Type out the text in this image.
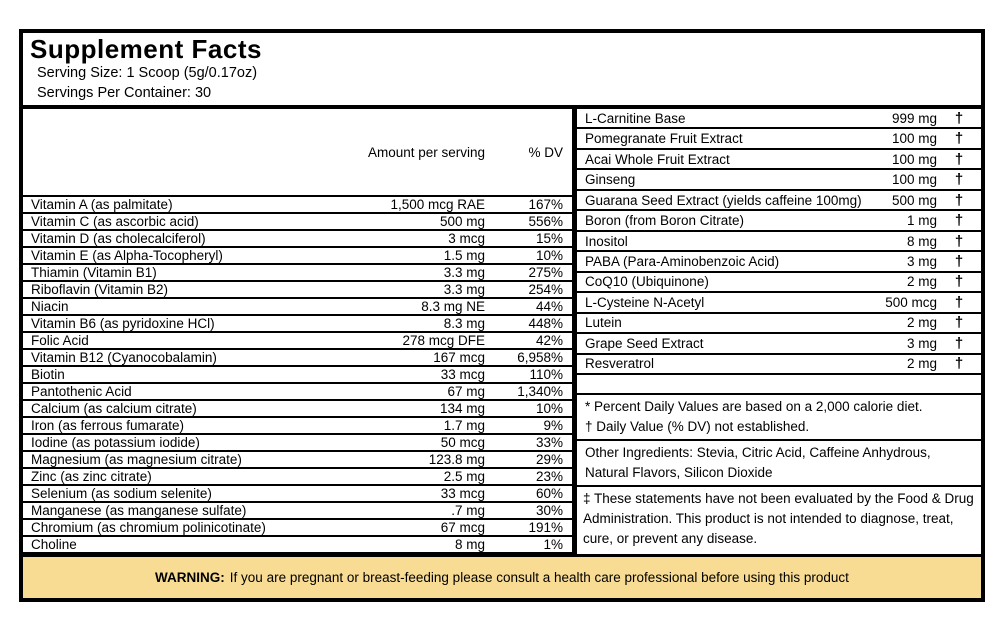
Supplement Facts
Serving Size: 1 Scoop (5g/0.17oz)
Servings Per Container: 30
Amount per serving	% DV
Vitamin A (as palmitate)	1,500 mcg RAE	167%
Vitamin C (as ascorbic acid)	500 mg	556%
Vitamin D (as cholecalciferol)	3 mcg	15%
Vitamin E (as Alpha-Tocopheryl)	1.5 mg	10%
Thiamin (Vitamin B1)	3.3 mg	275%
Riboflavin (Vitamin B2)	3.3 mg	254%
Niacin	8.3 mg NE	44%
Vitamin B6 (as pyridoxine HCl)	8.3 mg	448%
Folic Acid	278 mcg DFE	42%
Vitamin B12 (Cyanocobalamin)	167 mcg	6,958%
Biotin	33 mcg	110%
Pantothenic Acid	67 mg	1,340%
Calcium (as calcium citrate)	134 mg	10%
Iron (as ferrous fumarate)	1.7 mg	9%
Iodine (as potassium iodide)	50 mcg	33%
Magnesium (as magnesium citrate)	123.8 mg	29%
Zinc (as zinc citrate)	2.5 mg	23%
Selenium (as sodium selenite)	33 mcg	60%
Manganese (as manganese sulfate)	.7 mg	30%
Chromium (as chromium polinicotinate)	67 mcg	191%
Choline	8 mg	1%
L-Carnitine Base	999 mg	†
Pomegranate Fruit Extract	100 mg	†
Acai Whole Fruit Extract	100 mg	†
Ginseng	100 mg	†
Guarana Seed Extract (yields caffeine 100mg)	500 mg	†
Boron (from Boron Citrate)	1 mg	†
Inositol	8 mg	†
PABA (Para-Aminobenzoic Acid)	3 mg	†
CoQ10 (Ubiquinone)	2 mg	†
L-Cysteine N-Acetyl	500 mcg	†
Lutein	2 mg	†
Grape Seed Extract	3 mg	†
Resveratrol	2 mg	†
* Percent Daily Values are based on a 2,000 calorie diet.
† Daily Value (% DV) not established.
Other Ingredients: Stevia, Citric Acid, Caffeine Anhydrous, Natural Flavors, Silicon Dioxide
‡ These statements have not been evaluated by the Food & Drug Administration. This product is not intended to diagnose, treat, cure, or prevent any disease.
WARNING: If you are pregnant or breast-feeding please consult a health care professional before using this product
